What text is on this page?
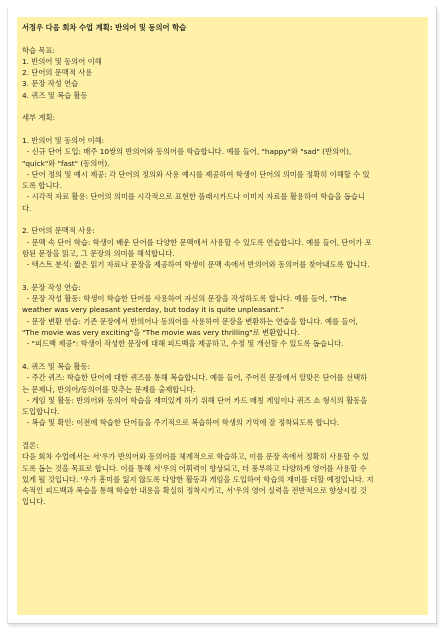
서정우 다음 회차 수업 계획: 반의어 및 동의어 학습

학습 목표:

1. 반의어 및 동의어 이해

2. 단어의 문맥적 사용

3. 문장 작성 연습

4. 퀴즈 및 복습 활동

세부 계획:

1. 반의어 및 동의어 이해:

- 신규 단어 도입: 매주 10쌍의 반의어와 동의어를 학습합니다. 예를 들어, "happy"와 "sad" (반의어),

"quick"와 "fast" (동의어).

- 단어 정의 및 예시 제공: 각 단어의 정의와 사용 예시를 제공하여 학생이 단어의 의미를 정확히 이해할 수 있

도록 합니다.

- 시각적 자료 활용: 단어의 의미를 시각적으로 표현한 플래시카드나 이미지 자료를 활용하여 학습을 돕습니

다.

2. 단어의 문맥적 사용:

- 문맥 속 단어 학습: 학생이 배운 단어를 다양한 문맥에서 사용할 수 있도록 연습합니다. 예를 들어, 단어가 포

함된 문장을 읽고, 그 문장의 의미를 해석합니다.

- 텍스트 분석: 짧은 읽기 자료나 문장을 제공하여 학생이 문맥 속에서 반의어와 동의어를 찾아내도록 합니다.

3. 문장 작성 연습:

- 문장 작성 활동: 학생이 학습한 단어를 사용하여 자신의 문장을 작성하도록 합니다. 예를 들어, "The

weather was very pleasant yesterday, but today it is quite unpleasant."

- 문장 변환 연습: 기존 문장에서 반의어나 동의어를 사용하여 문장을 변환하는 연습을 합니다. 예를 들어,

"The movie was very exciting"을 "The movie was very thrilling"로 변환합니다.

- "피드백 제공": 학생이 작성한 문장에 대해 피드백을 제공하고, 수정 및 개선할 수 있도록 돕습니다.

4. 퀴즈 및 복습 활동:

- 주간 퀴즈: 학습한 단어에 대한 퀴즈를 통해 복습합니다. 예를 들어, 주어진 문장에서 알맞은 단어를 선택하

는 문제나, 반의어/동의어를 맞추는 문제를 출제합니다.

- 게임 및 활동: 반의어와 동의어 학습을 재미있게 하기 위해 단어 카드 매칭 게임이나 퀴즈 쇼 형식의 활동을

도입합니다.

- 복습 및 확인: 이전에 학습한 단어들을 주기적으로 복습하여 학생의 기억에 잘 정착되도록 합니다.

결론:

다음 회차 수업에서는 서'우가 반의어와 동의어를 체계적으로 학습하고, 이를 문장 속에서 정확히 사용할 수 있

도록 돕는 것을 목표로 합니다. 이를 통해 서'우의 어휘력이 향상되고, 더 풍부하고 다양하게 영어를 사용할 수

있게 될 것입니다. '우가 흥미를 잃지 않도록 다양한 활동과 게임을 도입하여 학습의 재미를 더할 예정입니다. 지

속적인 피드백과 복습을 통해 학습한 내용을 확실히 정착시키고, 서'우의 영어 실력을 전반적으로 향상시킬 것

입니다.
